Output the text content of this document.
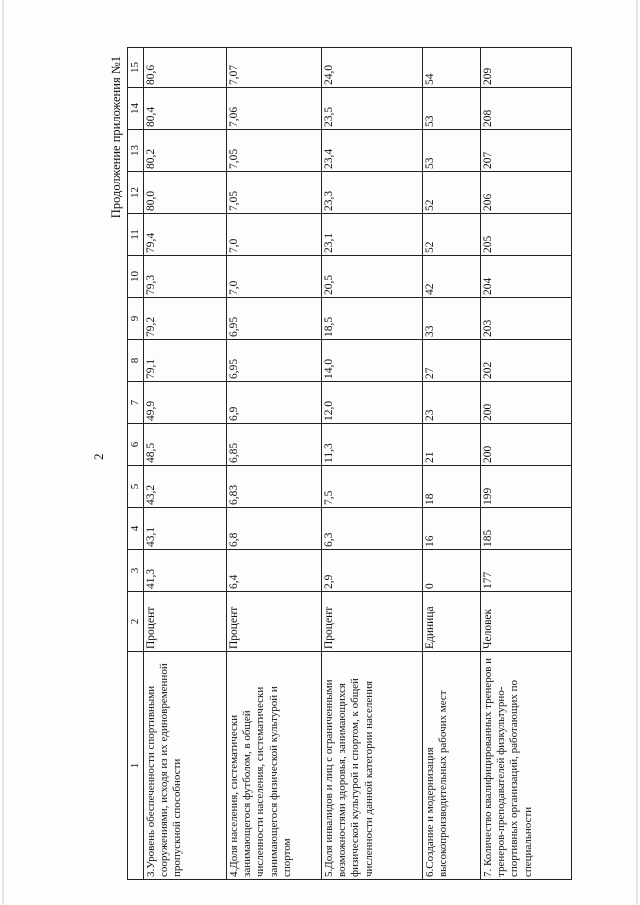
2
Продолжение приложения №1
1	2	3	4	5	6	7	8	9	10	11	12	13	14	15
3.Уровень обеспеченности спортивными сооружениями, исходя из их единовременной пропускной способности	Процент	41,3	43,1	43,2	48,5	49,9	79,1	79,2	79,3	79,4	80,0	80,2	80,4	80,6
4.Доля населения, систематически занимающегося футболом, в общей численности населения, систематически занимающегося физической культурой и спортом	Процент	6,4	6,8	6,83	6,85	6,9	6,95	6,95	7,0	7,0	7,05	7,05	7,06	7,07
5.Доля инвалидов и лиц с ограниченными возможностями здоровья, занимающихся физической культурой и спортом, к общей численности данной категории населения	Процент	2,9	6,3	7,5	11,3	12,0	14,0	18,5	20,5	23,1	23,3	23,4	23,5	24,0
6.Создание и модернизация высокопроизводительных рабочих мест	Единица	0	16	18	21	23	27	33	42	52	52	53	53	54
7. Количество квалифицированных тренеров и тренеров-преподавателей физкультурно-спортивных организаций, работающих по специальности	Человек	177	185	199	200	200	202	203	204	205	206	207	208	209
